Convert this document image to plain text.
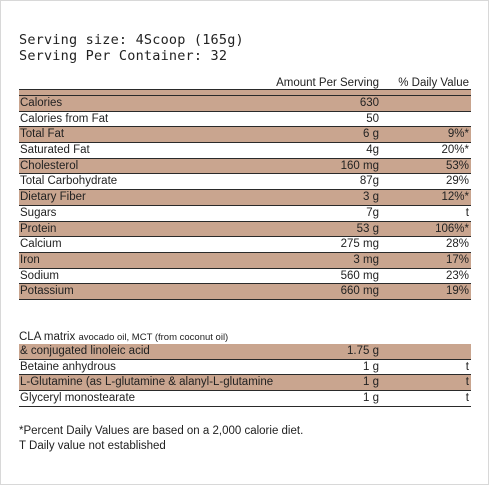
Serving size: 4Scoop (165g)
Serving Per Container: 32
Amount Per Serving % Daily Value
Calories	630
Calories from Fat	50
Total Fat	6 g	9%*
Saturated Fat	4g	20%*
Cholesterol	160 mg	53%
Total Carbohydrate	87g	29%
Dietary Fiber	3 g	12%*
Sugars	7g	t
Protein	53 g	106%*
Calcium	275 mg	28%
Iron	3 mg	17%
Sodium	560 mg	23%
Potassium	660 mg	19%
CLA matrix avocado oil, MCT (from coconut oil)
& conjugated linoleic acid	1.75 g
Betaine anhydrous	1 g	t
L-Glutamine (as L-glutamine & alanyl-L-glutamine	1 g	t
Glyceryl monostearate	1 g	t
*Percent Daily Values are based on a 2,000 calorie diet.
T Daily value not established
